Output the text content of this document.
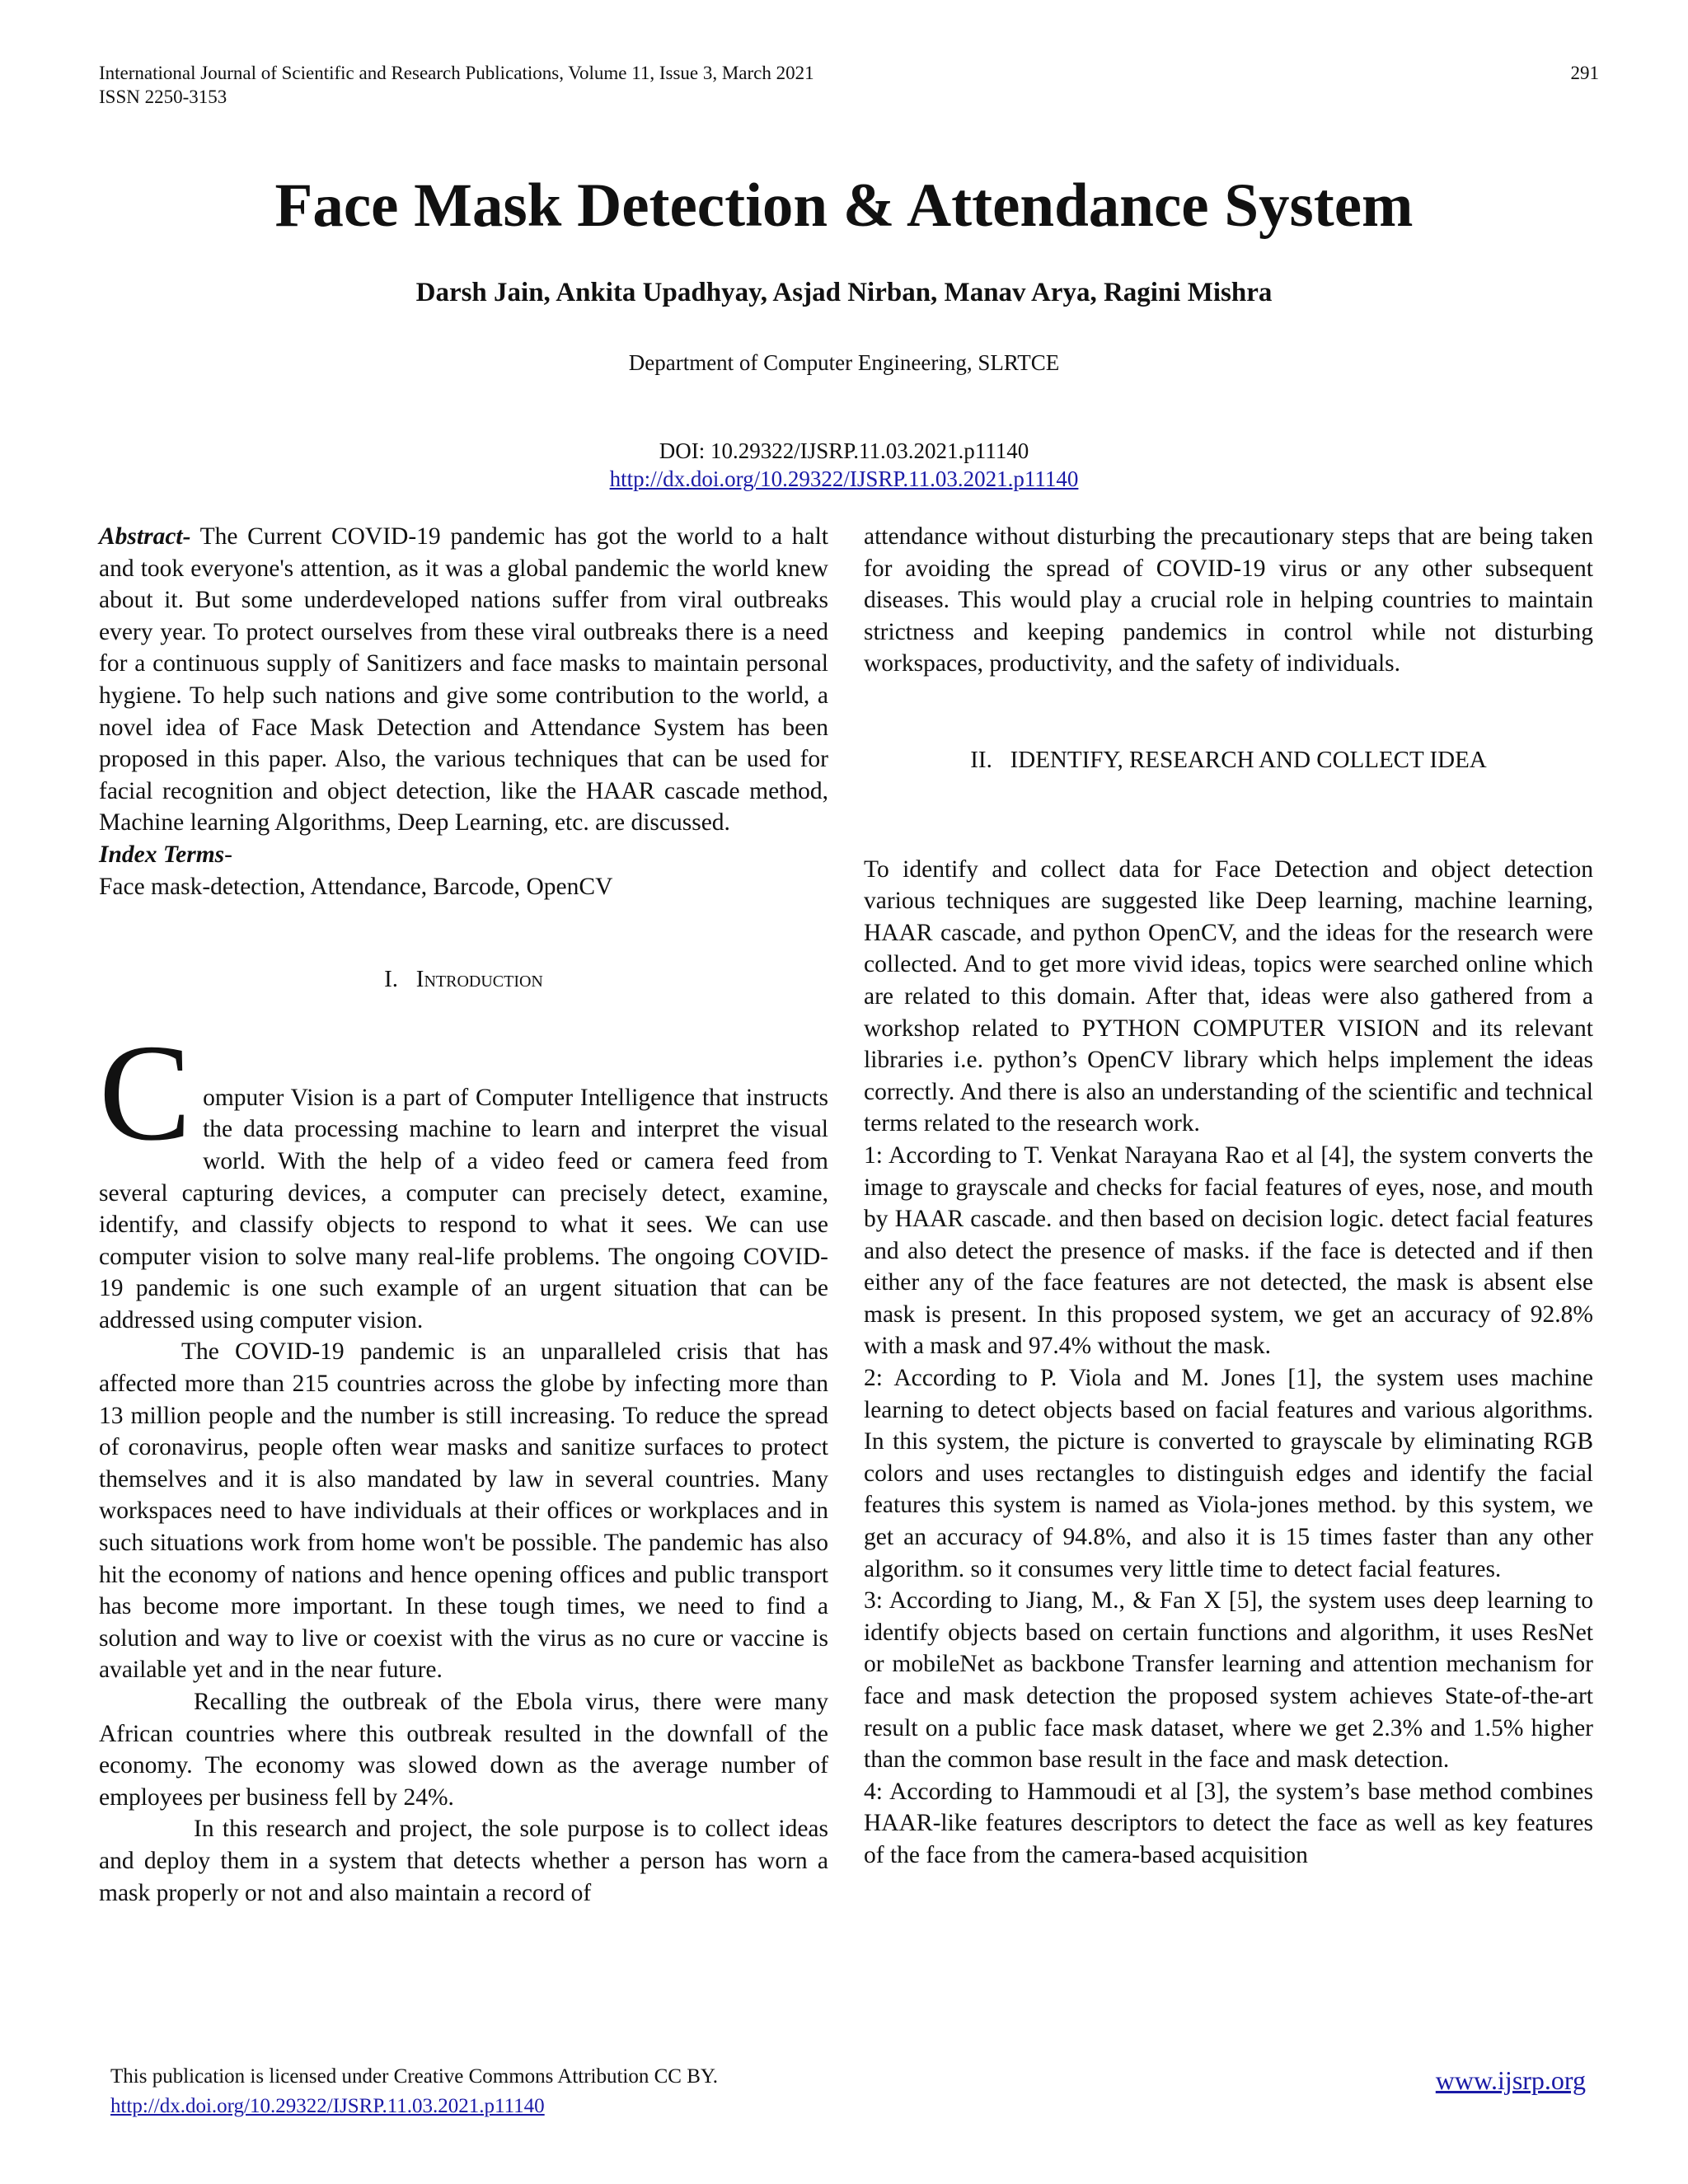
International Journal of Scientific and Research Publications, Volume 11, Issue 3, March 2021
ISSN 2250-3153
291
Face Mask Detection & Attendance System
Darsh Jain, Ankita Upadhyay, Asjad Nirban, Manav Arya, Ragini Mishra
Department of Computer Engineering, SLRTCE
DOI: 10.29322/IJSRP.11.03.2021.p11140
http://dx.doi.org/10.29322/IJSRP.11.03.2021.p11140

Abstract- The Current COVID-19 pandemic has got the world to a halt and took everyone's attention, as it was a global pandemic the world knew about it. But some underdeveloped nations suffer from viral outbreaks every year. To protect ourselves from these viral outbreaks there is a need for a continuous supply of Sanitizers and face masks to maintain personal hygiene. To help such nations and give some contribution to the world, a novel idea of Face Mask Detection and Attendance System has been proposed in this paper. Also, the various techniques that can be used for facial recognition and object detection, like the HAAR cascade method, Machine learning Algorithms, Deep Learning, etc. are discussed.

Index Terms-

Face mask-detection, Attendance, Barcode, OpenCV

I. Introduction

Computer Vision is a part of Computer Intelligence that instructs the data processing machine to learn and interpret the visual world. With the help of a video feed or camera feed from several capturing devices, a computer can precisely detect, examine, identify, and classify objects to respond to what it sees. We can use computer vision to solve many real-life problems. The ongoing COVID-19 pandemic is one such example of an urgent situation that can be addressed using computer vision.

The COVID-19 pandemic is an unparalleled crisis that has affected more than 215 countries across the globe by infecting more than 13 million people and the number is still increasing. To reduce the spread of coronavirus, people often wear masks and sanitize surfaces to protect themselves and it is also mandated by law in several countries. Many workspaces need to have individuals at their offices or workplaces and in such situations work from home won't be possible. The pandemic has also hit the economy of nations and hence opening offices and public transport has become more important. In these tough times, we need to find a solution and way to live or coexist with the virus as no cure or vaccine is available yet and in the near future.

Recalling the outbreak of the Ebola virus, there were many African countries where this outbreak resulted in the downfall of the economy. The economy was slowed down as the average number of employees per business fell by 24%.

In this research and project, the sole purpose is to collect ideas and deploy them in a system that detects whether a person has worn a mask properly or not and also maintain a record of

attendance without disturbing the precautionary steps that are being taken for avoiding the spread of COVID-19 virus or any other subsequent diseases. This would play a crucial role in helping countries to maintain strictness and keeping pandemics in control while not disturbing workspaces, productivity, and the safety of individuals.

II. IDENTIFY, RESEARCH AND COLLECT IDEA

To identify and collect data for Face Detection and object detection various techniques are suggested like Deep learning, machine learning, HAAR cascade, and python OpenCV, and the ideas for the research were collected. And to get more vivid ideas, topics were searched online which are related to this domain. After that, ideas were also gathered from a workshop related to PYTHON COMPUTER VISION and its relevant libraries i.e. python’s OpenCV library which helps implement the ideas correctly. And there is also an understanding of the scientific and technical terms related to the research work.

1: According to T. Venkat Narayana Rao et al [4], the system converts the image to grayscale and checks for facial features of eyes, nose, and mouth by HAAR cascade. and then based on decision logic. detect facial features and also detect the presence of masks. if the face is detected and if then either any of the face features are not detected, the mask is absent else mask is present. In this proposed system, we get an accuracy of 92.8% with a mask and 97.4% without the mask.

2: According to P. Viola and M. Jones [1], the system uses machine learning to detect objects based on facial features and various algorithms. In this system, the picture is converted to grayscale by eliminating RGB colors and uses rectangles to distinguish edges and identify the facial features this system is named as Viola-jones method. by this system, we get an accuracy of 94.8%, and also it is 15 times faster than any other algorithm. so it consumes very little time to detect facial features.

3: According to Jiang, M., & Fan X [5], the system uses deep learning to identify objects based on certain functions and algorithm, it uses ResNet or mobileNet as backbone Transfer learning and attention mechanism for face and mask detection the proposed system achieves State-of-the-art result on a public face mask dataset, where we get 2.3% and 1.5% higher than the common base result in the face and mask detection.

4: According to Hammoudi et al [3], the system’s base method combines HAAR-like features descriptors to detect the face as well as key features of the face from the camera-based acquisition

This publication is licensed under Creative Commons Attribution CC BY.
http://dx.doi.org/10.29322/IJSRP.11.03.2021.p11140
www.ijsrp.org
